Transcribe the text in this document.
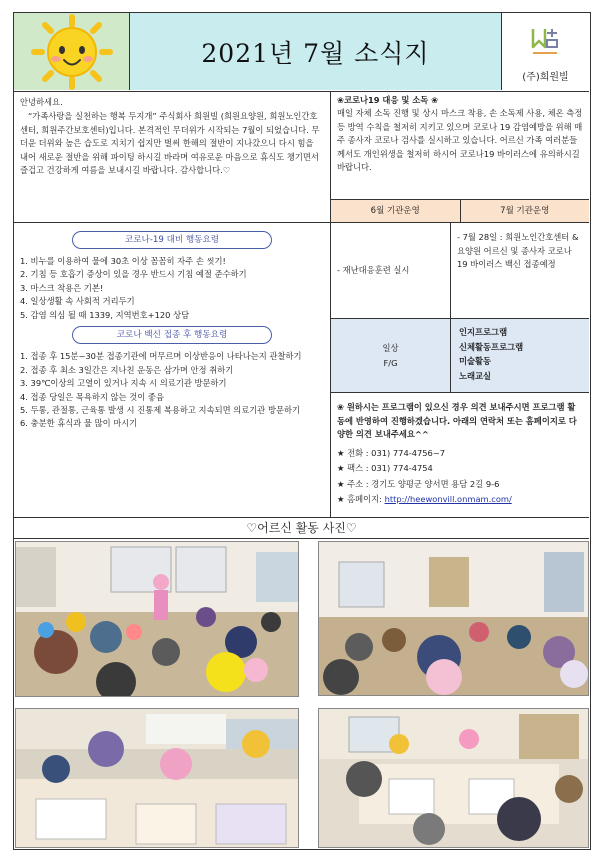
2021년 7월 소식지
(주)희원빌

안녕하세요.

“가족사랑을 실천하는 행복 두지개” 주식회사 희원빌 (희원요양원, 희원노인간호센터, 희원주간보호센터)입니다. 본격적인 무더위가 시작되는 7월이 되었습니다. 무더운 더위와 높은 습도로 지치기 쉽지만 벌써 한해의 절반이 지나갔으니 다시 힘을 내어 새로운 절반을 위해 파이팅 하시길 바라며 여유로운 마음으로 휴식도 챙기면서 즐겁고 건강하게 여름을 보내시길 바랍니다. 감사합니다.♡

❀코로나19 대응 및 소독 ❀
매일 자체 소독 진행 및 상시 마스크 착용, 손 소독제 사용, 체온 측정 등 방역 수칙을 철저히 지키고 있으며 코로나 19 감염예방을 위해 매주 종사자 코로나 검사를 실시하고 있습니다. 어르신 가족 여러분들께서도 개인위생을 철저히 하시어 코로나19 바이러스에 유의하시길 바랍니다.
6월 기관운영	7월 기관운영
- 재난대응훈련 실시
- 7월 28일 : 희원노인간호센터 & 요양원 어르신 및 종사자 코로나 19 바이러스 백신 접종예정
일상
F/G
인지프로그램
신체활동프로그램
미술활동
노래교실
❀ 원하시는 프로그램이 있으신 경우 의견 보내주시면 프로그램 활동에 반영하여 진행하겠습니다. 아래의 연락처 또는 홈페이지로 다양한 의견 보내주세요^^
★ 전화 : 031) 774-4756~7
★ 팩스 : 031) 774-4754
★ 주소 : 경기도 양평군 양서면 용담 2길 9-6
★ 홈페이지: http://heewonvill.onmam.com/
코로나-19 대비 행동요령
1. 비누를 이용하여 물에 30초 이상 꼼꼼히 자주 손 씻기!
2. 기침 등 호흡기 증상이 있을 경우 반드시 기침 예절 준수하기
3. 마스크 착용은 기본!
4. 일상생활 속 사회적 거리두기
5. 감염 의심 될 때 1339, 지역번호+120 상담
코로나 백신 접종 후 행동요령
1. 접종 후 15분~30분 접종기관에 머무르며 이상반응이 나타나는지 관찰하기
2. 접종 후 최소 3일간은 지나친 운동은 삼가며 안정 취하기
3. 39℃이상의 고열이 있거나 지속 시 의료기관 방문하기
4. 접종 당일은 목욕하지 않는 것이 좋음
5. 두통, 관절통, 근육통 발생 시 진통제 복용하고 지속되면 의료기관 방문하기
6. 충분한 휴식과 물 많이 마시기
♡어르신 활동 사진♡
